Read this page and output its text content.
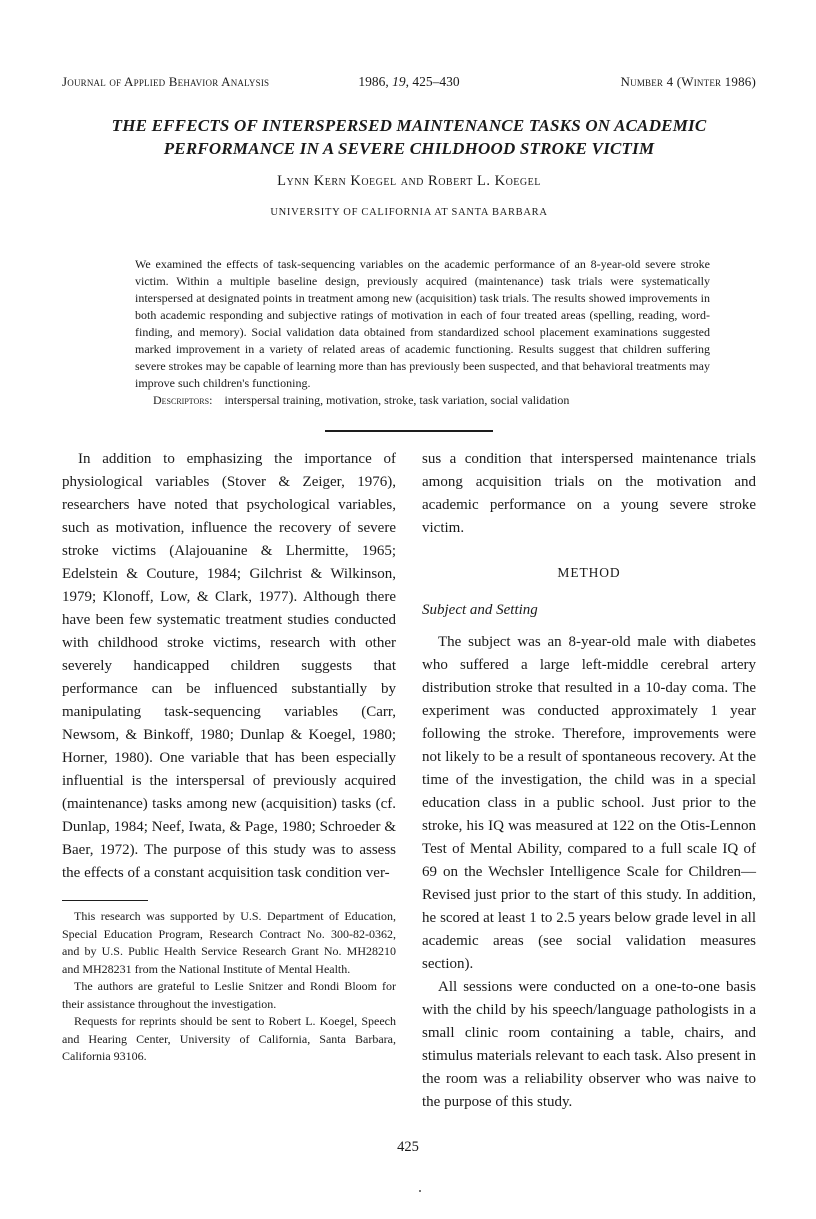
Journal of Applied Behavior Analysis	1986, 19, 425–430	Number 4 (Winter 1986)
THE EFFECTS OF INTERSPERSED MAINTENANCE TASKS ON ACADEMIC PERFORMANCE IN A SEVERE CHILDHOOD STROKE VICTIM
Lynn Kern Koegel and Robert L. Koegel
UNIVERSITY OF CALIFORNIA AT SANTA BARBARA

We examined the effects of task-sequencing variables on the academic performance of an 8-year-old severe stroke victim. Within a multiple baseline design, previously acquired (maintenance) task trials were systematically interspersed at designated points in treatment among new (acquisition) task trials. The results showed improvements in both academic responding and subjective ratings of motivation in each of four treated areas (spelling, reading, word-finding, and memory). Social validation data obtained from standardized school placement examinations suggested marked improvement in a variety of related areas of academic functioning. Results suggest that children suffering severe strokes may be capable of learning more than has previously been suspected, and that behavioral treatments may improve such children's functioning.

Descriptors: interspersal training, motivation, stroke, task variation, social validation

In addition to emphasizing the importance of physiological variables (Stover & Zeiger, 1976), researchers have noted that psychological variables, such as motivation, influence the recovery of severe stroke victims (Alajouanine & Lhermitte, 1965; Edelstein & Couture, 1984; Gilchrist & Wilkinson, 1979; Klonoff, Low, & Clark, 1977). Although there have been few systematic treatment studies conducted with childhood stroke victims, research with other severely handicapped children suggests that performance can be influenced substantially by manipulating task-sequencing variables (Carr, Newsom, & Binkoff, 1980; Dunlap & Koegel, 1980; Horner, 1980). One variable that has been especially influential is the interspersal of previously acquired (maintenance) tasks among new (acquisition) tasks (cf. Dunlap, 1984; Neef, Iwata, & Page, 1980; Schroeder & Baer, 1972). The purpose of this study was to assess the effects of a constant acquisition task condition ver-

This research was supported by U.S. Department of Education, Special Education Program, Research Contract No. 300-82-0362, and by U.S. Public Health Service Research Grant No. MH28210 and MH28231 from the National Institute of Mental Health.

The authors are grateful to Leslie Snitzer and Rondi Bloom for their assistance throughout the investigation.

Requests for reprints should be sent to Robert L. Koegel, Speech and Hearing Center, University of California, Santa Barbara, California 93106.

sus a condition that interspersed maintenance trials among acquisition trials on the motivation and academic performance on a young severe stroke victim.

METHOD
Subject and Setting

The subject was an 8-year-old male with diabetes who suffered a large left-middle cerebral artery distribution stroke that resulted in a 10-day coma. The experiment was conducted approximately 1 year following the stroke. Therefore, improvements were not likely to be a result of spontaneous recovery. At the time of the investigation, the child was in a special education class in a public school. Just prior to the stroke, his IQ was measured at 122 on the Otis-Lennon Test of Mental Ability, compared to a full scale IQ of 69 on the Wechsler Intelligence Scale for Children—Revised just prior to the start of this study. In addition, he scored at least 1 to 2.5 years below grade level in all academic areas (see social validation measures section).

All sessions were conducted on a one-to-one basis with the child by his speech/language pathologists in a small clinic room containing a table, chairs, and stimulus materials relevant to each task. Also present in the room was a reliability observer who was naive to the purpose of this study.

425
